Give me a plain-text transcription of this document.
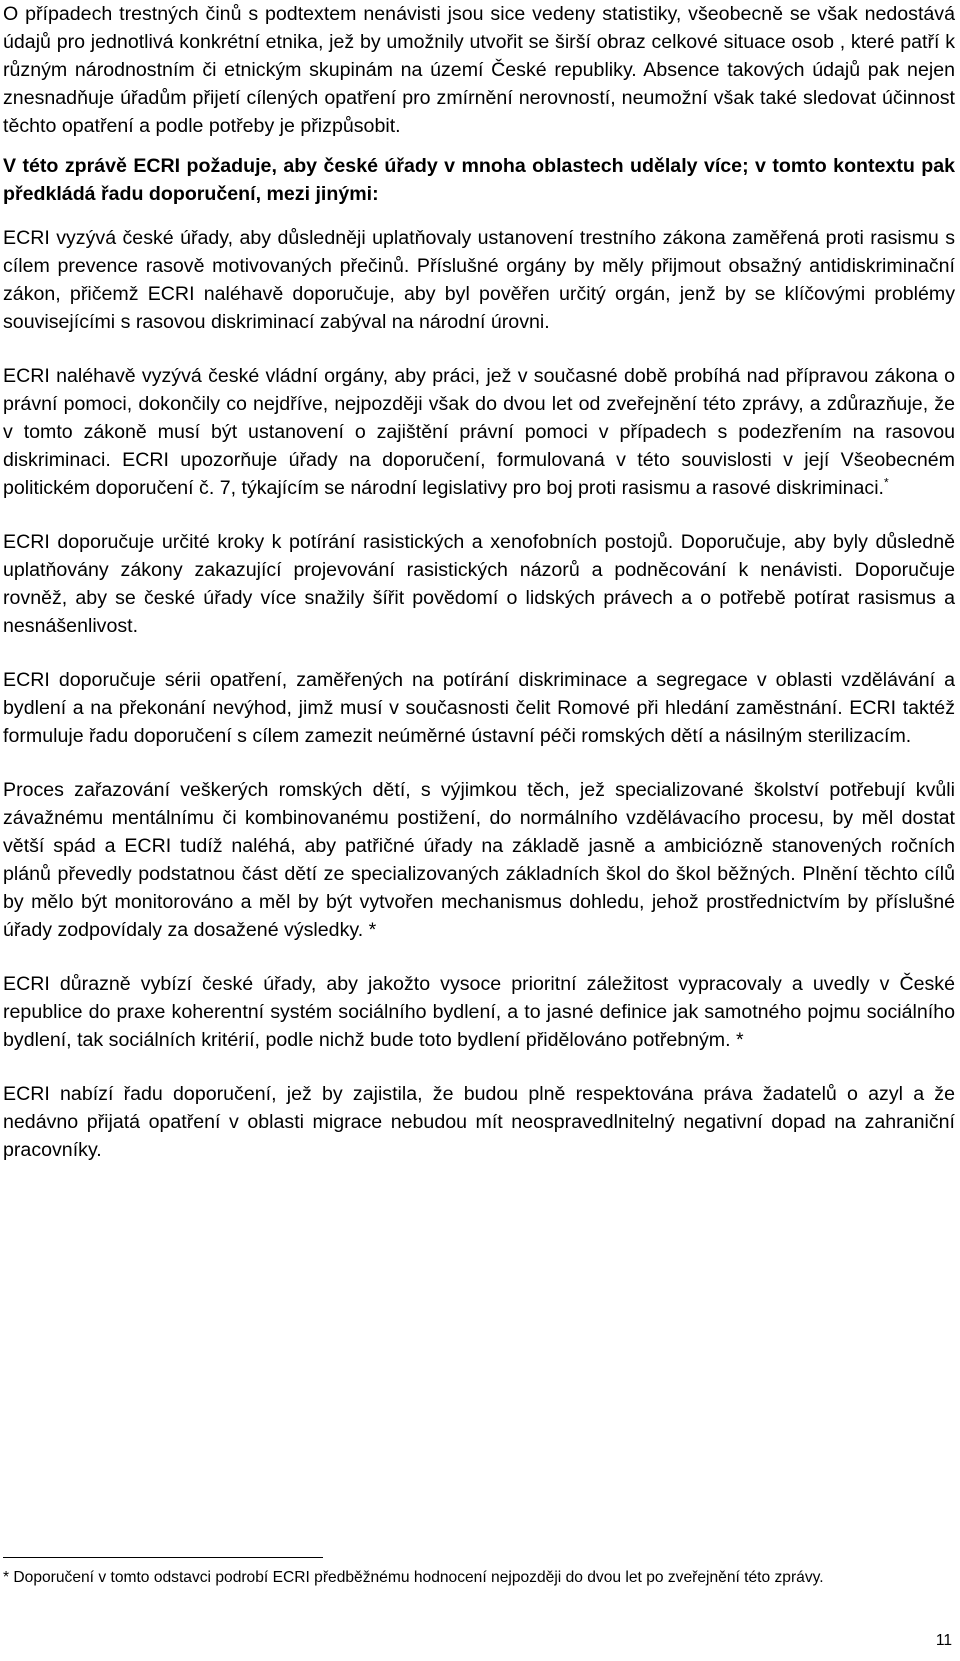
O případech trestných činů s podtextem nenávisti jsou sice vedeny statistiky, všeobecně se však nedostává údajů pro jednotlivá konkrétní etnika, jež by umožnily utvořit se širší obraz celkové situace osob , které patří k různým národnostním či etnickým skupinám na území České republiky. Absence takových údajů pak nejen znesnadňuje úřadům přijetí cílených opatření pro zmírnění nerovností, neumožní však také sledovat účinnost těchto opatření a podle potřeby je přizpůsobit.

V této zprávě ECRI požaduje, aby české úřady v mnoha oblastech udělaly více; v tomto kontextu pak předkládá řadu doporučení, mezi jinými:

ECRI vyzývá české úřady, aby důsledněji uplatňovaly ustanovení trestního zákona zaměřená proti rasismu s cílem prevence rasově motivovaných přečinů. Příslušné orgány by měly přijmout obsažný antidiskriminační zákon, přičemž ECRI naléhavě doporučuje, aby byl pověřen určitý orgán, jenž by se klíčovými problémy souvisejícími s rasovou diskriminací zabýval na národní úrovni.

ECRI naléhavě vyzývá české vládní orgány, aby práci, jež v současné době probíhá nad přípravou zákona o právní pomoci, dokončily co nejdříve, nejpozději však do dvou let od zveřejnění této zprávy, a zdůrazňuje, že v tomto zákoně musí být ustanovení o zajištění právní pomoci v případech s podezřením na rasovou diskriminaci. ECRI upozorňuje úřady na doporučení, formulovaná v této souvislosti v její Všeobecném politickém doporučení č. 7, týkajícím se národní legislativy pro boj proti rasismu a rasové diskriminaci.*

ECRI doporučuje určité kroky k potírání rasistických a xenofobních postojů. Doporučuje, aby byly důsledně uplatňovány zákony zakazující projevování rasistických názorů a podněcování k nenávisti. Doporučuje rovněž, aby se české úřady více snažily šířit povědomí o lidských právech a o potřebě potírat rasismus a nesnášenlivost.

ECRI doporučuje sérii opatření, zaměřených na potírání diskriminace a segregace v oblasti vzdělávání a bydlení a na překonání nevýhod, jimž musí v současnosti čelit Romové při hledání zaměstnání. ECRI taktéž formuluje řadu doporučení s cílem zamezit neúměrné ústavní péči romských dětí a násilným sterilizacím.

Proces zařazování veškerých romských dětí, s výjimkou těch, jež specializované školství potřebují kvůli závažnému mentálnímu či kombinovanému postižení, do normálního vzdělávacího procesu, by měl dostat větší spád a ECRI tudíž naléhá, aby patřičné úřady na základě jasně a ambiciózně stanovených ročních plánů převedly podstatnou část dětí ze specializovaných základních škol do škol běžných. Plnění těchto cílů by mělo být monitorováno a měl by být vytvořen mechanismus dohledu, jehož prostřednictvím by příslušné úřady zodpovídaly za dosažené výsledky. *

ECRI důrazně vybízí české úřady, aby jakožto vysoce prioritní záležitost vypracovaly a uvedly v České republice do praxe koherentní systém sociálního bydlení, a to jasné definice jak samotného pojmu sociálního bydlení, tak sociálních kritérií, podle nichž bude toto bydlení přidělováno potřebným. *

ECRI nabízí řadu doporučení, jež by zajistila, že budou plně respektována práva žadatelů o azyl a že nedávno přijatá opatření v oblasti migrace nebudou mít neospravedlnitelný negativní dopad na zahraniční pracovníky.

* Doporučení v tomto odstavci podrobí ECRI předběžnému hodnocení nejpozději do dvou let po zveřejnění této zprávy.

11
